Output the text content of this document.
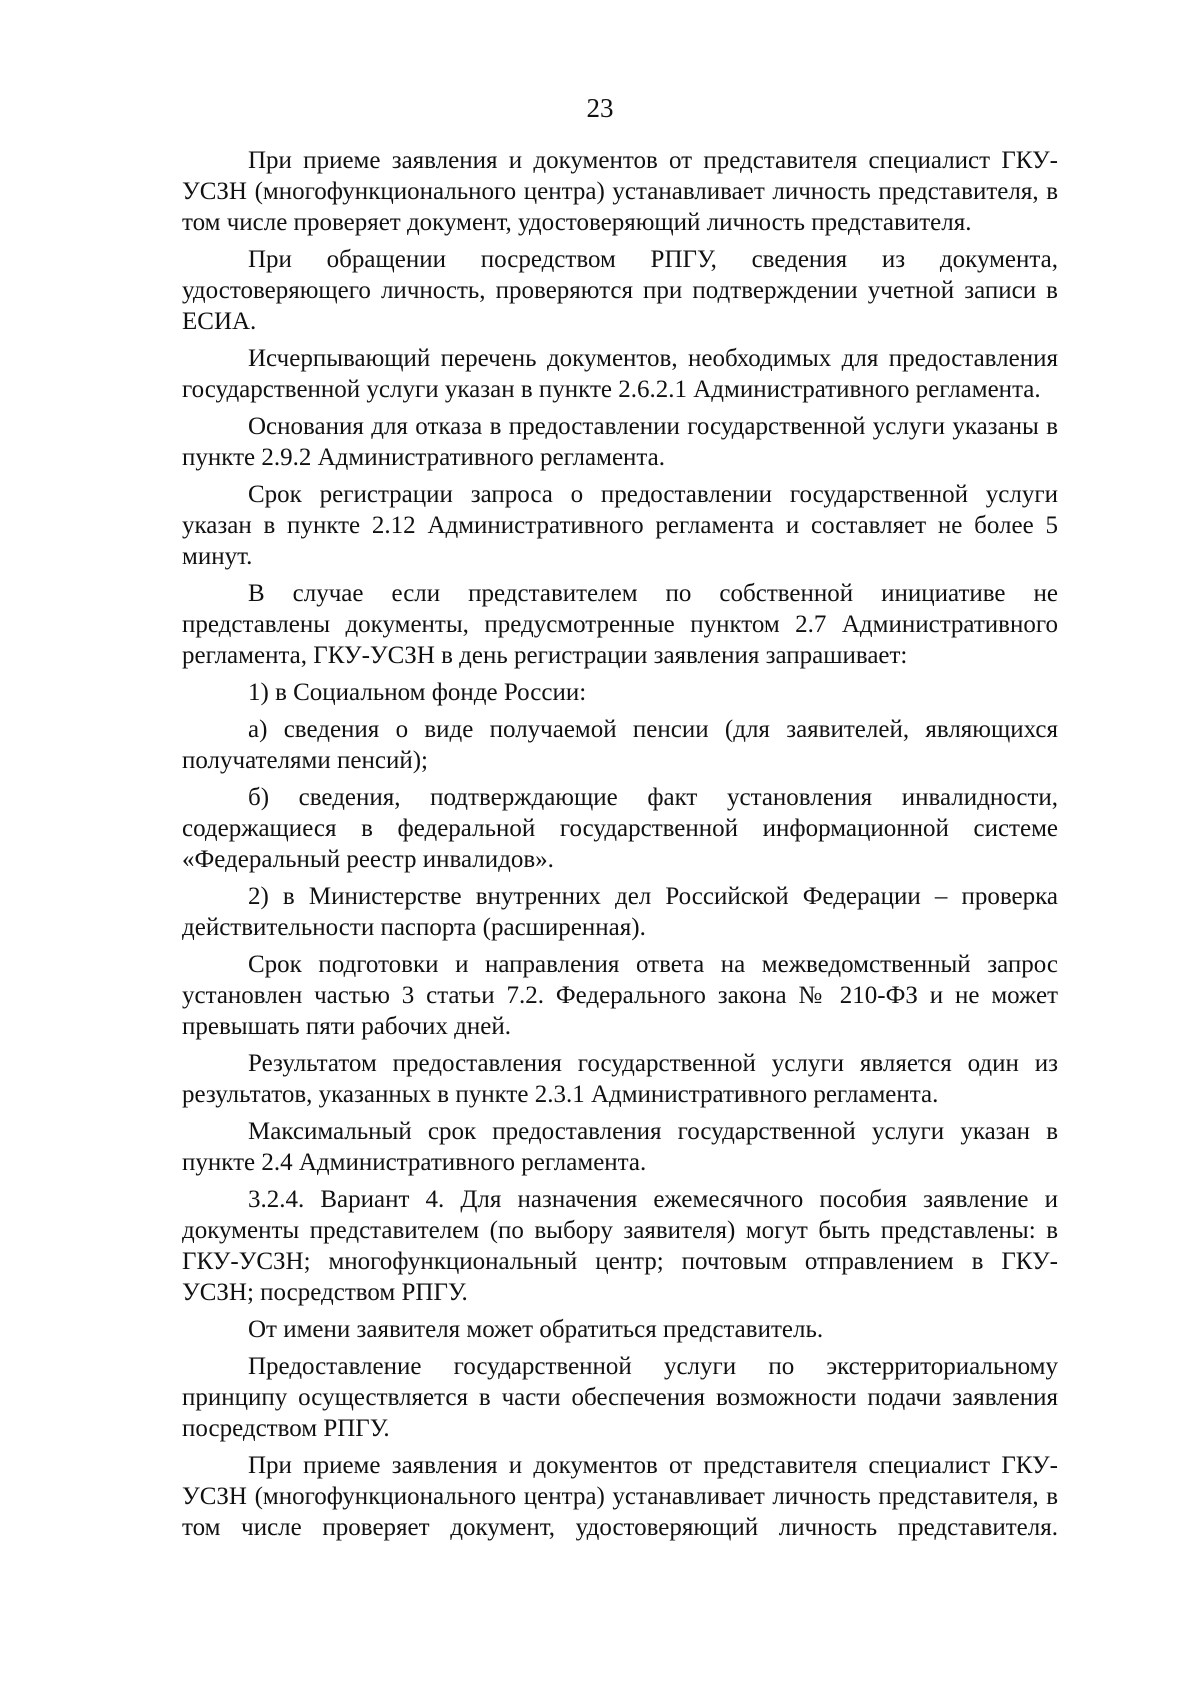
23

При приеме заявления и документов от представителя специалист ГКУ-УСЗН (многофункционального центра) устанавливает личность представителя, в том числе проверяет документ, удостоверяющий личность представителя.

При обращении посредством РПГУ, сведения из документа, удостоверяющего личность, проверяются при подтверждении учетной записи в ЕСИА.

Исчерпывающий перечень документов, необходимых для предоставления государственной услуги указан в пункте 2.6.2.1 Административного регламента.

Основания для отказа в предоставлении государственной услуги указаны в пункте 2.9.2 Административного регламента.

Срок регистрации запроса о предоставлении государственной услуги указан в пункте 2.12 Административного регламента и составляет не более 5 минут.

В случае если представителем по собственной инициативе не представлены документы, предусмотренные пунктом 2.7 Административного регламента, ГКУ-УСЗН в день регистрации заявления запрашивает:

1) в Социальном фонде России:

а) сведения о виде получаемой пенсии (для заявителей, являющихся получателями пенсий);

б) сведения, подтверждающие факт установления инвалидности, содержащиеся в федеральной государственной информационной системе «Федеральный реестр инвалидов».

2) в Министерстве внутренних дел Российской Федерации – проверка действительности паспорта (расширенная).

Срок подготовки и направления ответа на межведомственный запрос установлен частью 3 статьи 7.2. Федерального закона № 210-ФЗ и не может превышать пяти рабочих дней.

Результатом предоставления государственной услуги является один из результатов, указанных в пункте 2.3.1 Административного регламента.

Максимальный срок предоставления государственной услуги указан в пункте 2.4 Административного регламента.

3.2.4. Вариант 4. Для назначения ежемесячного пособия заявление и документы представителем (по выбору заявителя) могут быть представлены: в ГКУ-УСЗН; многофункциональный центр; почтовым отправлением в ГКУ-УСЗН; посредством РПГУ.

От имени заявителя может обратиться представитель.

Предоставление государственной услуги по экстерриториальному принципу осуществляется в части обеспечения возможности подачи заявления посредством РПГУ.

При приеме заявления и документов от представителя специалист ГКУ-УСЗН (многофункционального центра) устанавливает личность представителя, в том числе проверяет документ, удостоверяющий личность представителя.
